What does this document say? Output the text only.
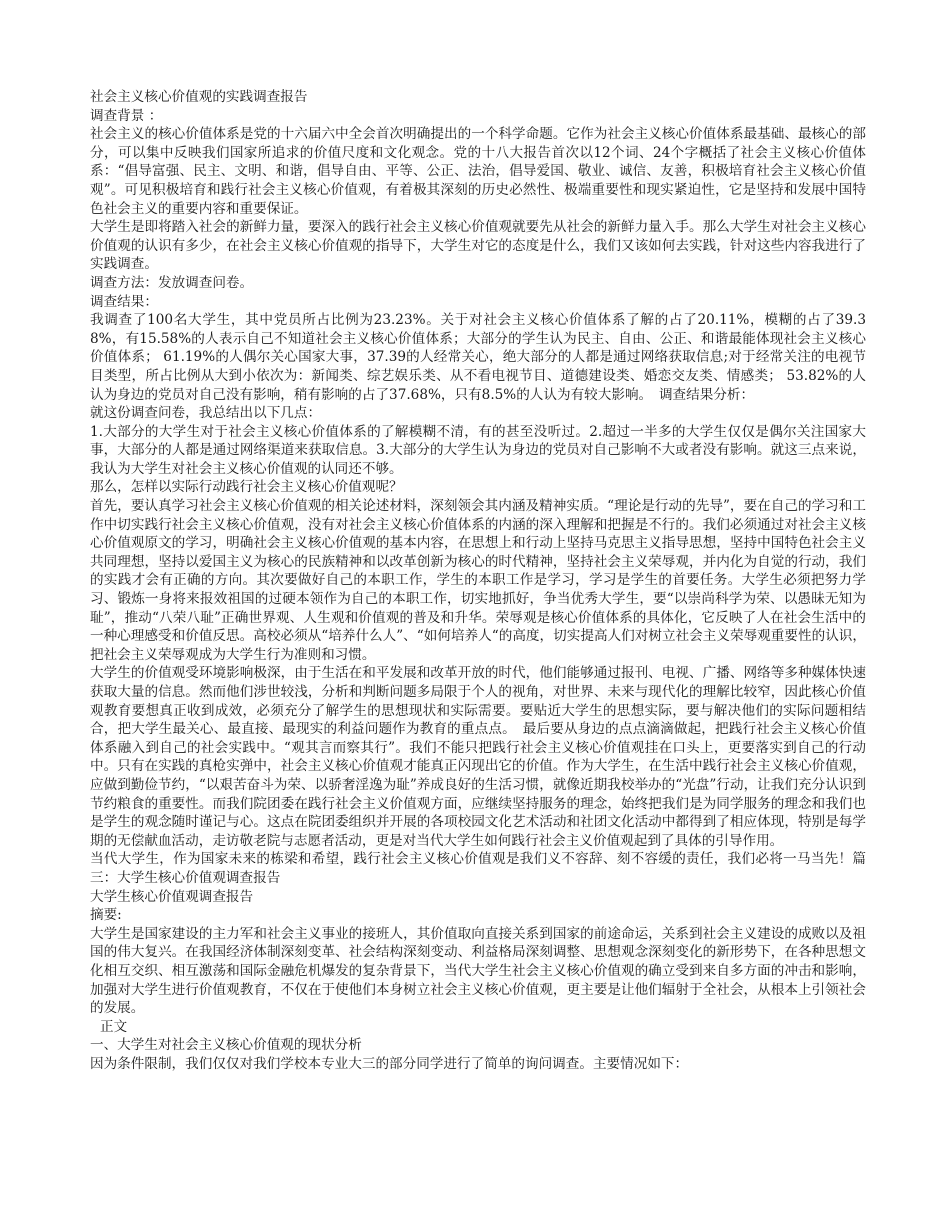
社会主义核心价值观的实践调查报告

调查背景 ：

社会主义的核心价值体系是党的十六届六中全会首次明确提出的一个科学命题。它作为社会主义核心价值体系最基础、最核心的部分，可以集中反映我们国家所追求的价值尺度和文化观念。党的十八大报告首次以12个词、24个字概括了社会主义核心价值体系：“倡导富强、民主、文明、和谐，倡导自由、平等、公正、法治，倡导爱国、敬业、诚信、友善，积极培育社会主义核心价值观”。可见积极培育和践行社会主义核心价值观，有着极其深刻的历史必然性、极端重要性和现实紧迫性，它是坚持和发展中国特色社会主义的重要内容和重要保证。

大学生是即将踏入社会的新鲜力量，要深入的践行社会主义核心价值观就要先从社会的新鲜力量入手。那么大学生对社会主义核心价值观的认识有多少，在社会主义核心价值观的指导下，大学生对它的态度是什么，我们又该如何去实践，针对这些内容我进行了实践调查。

调查方法：发放调查问卷。

调查结果：

我调查了100名大学生，其中党员所占比例为23.23%。关于对社会主义核心价值体系了解的占了20.11%，模糊的占了39.38%，有15.58%的人表示自己不知道社会主义核心价值体系；大部分的学生认为民主、自由、公正、和谐最能体现社会主义核心价值体系； 61.19%的人偶尔关心国家大事，37.39的人经常关心，绝大部分的人都是通过网络获取信息;对于经常关注的电视节目类型，所占比例从大到小依次为：新闻类、综艺娱乐类、从不看电视节目、道德建设类、婚恋交友类、情感类； 53.82%的人认为身边的党员对自己没有影响，稍有影响的占了37.68%，只有8.5%的人认为有较大影响。　调查结果分析：

就这份调查问卷，我总结出以下几点：

1.大部分的大学生对于社会主义核心价值体系的了解模糊不清，有的甚至没听过。2.超过一半多的大学生仅仅是偶尔关注国家大事，大部分的人都是通过网络渠道来获取信息。3.大部分的大学生认为身边的党员对自己影响不大或者没有影响。就这三点来说，我认为大学生对社会主义核心价值观的认同还不够。

那么，怎样以实际行动践行社会主义核心价值观呢？

首先，要认真学习社会主义核心价值观的相关论述材料，深刻领会其内涵及精神实质。“理论是行动的先导”，要在自己的学习和工作中切实践行社会主义核心价值观，没有对社会主义核心价值体系的内涵的深入理解和把握是不行的。我们必须通过对社会主义核心价值观原文的学习，明确社会主义核心价值观的基本内容，在思想上和行动上坚持马克思主义指导思想，坚持中国特色社会主义共同理想，坚持以爱国主义为核心的民族精神和以改革创新为核心的时代精神，坚持社会主义荣辱观，并内化为自觉的行动，我们的实践才会有正确的方向。其次要做好自己的本职工作，学生的本职工作是学习，学习是学生的首要任务。大学生必须把努力学习、锻炼一身将来报效祖国的过硬本领作为自己的本职工作，切实地抓好，争当优秀大学生，要“以崇尚科学为荣、以愚昧无知为耻”，推动“八荣八耻”正确世界观、人生观和价值观的普及和升华。荣辱观是核心价值体系的具体化，它反映了人在社会生活中的一种心理感受和价值反思。高校必须从“培养什么人”、“如何培养人“的高度，切实提高人们对树立社会主义荣辱观重要性的认识，把社会主义荣辱观成为大学生行为准则和习惯。

大学生的价值观受环境影响极深，由于生活在和平发展和改革开放的时代，他们能够通过报刊、电视、广播、网络等多种媒体快速获取大量的信息。然而他们涉世较浅，分析和判断问题多局限于个人的视角，对世界、未来与现代化的理解比较窄，因此核心价值观教育要想真正收到成效，必须充分了解学生的思想现状和实际需要。要贴近大学生的思想实际，要与解决他们的实际问题相结合，把大学生最关心、最直接、最现实的利益问题作为教育的重点点。　最后要从身边的点点滴滴做起，把践行社会主义核心价值体系融入到自己的社会实践中。“观其言而察其行”。我们不能只把践行社会主义核心价值观挂在口头上，更要落实到自己的行动中。只有在实践的真枪实弹中，社会主义核心价值观才能真正闪现出它的价值。作为大学生，在生活中践行社会主义核心价值观，应做到勤俭节约，“以艰苦奋斗为荣、以骄奢淫逸为耻”养成良好的生活习惯，就像近期我校举办的“光盘”行动，让我们充分认识到节约粮食的重要性。而我们院团委在践行社会主义价值观方面，应继续坚持服务的理念，始终把我们是为同学服务的理念和我们也是学生的观念随时谨记与心。这点在院团委组织并开展的各项校园文化艺术活动和社团文化活动中都得到了相应体现，特别是每学期的无偿献血活动，走访敬老院与志愿者活动，更是对当代大学生如何践行社会主义价值观起到了具体的引导作用。

当代大学生，作为国家未来的栋梁和希望，践行社会主义核心价值观是我们义不容辞、刻不容缓的责任，我们必将一马当先！篇三：大学生核心价值观调查报告

大学生核心价值观调查报告

摘要:

大学生是国家建设的主力军和社会主义事业的接班人，其价值取向直接关系到国家的前途命运，关系到社会主义建设的成败以及祖国的伟大复兴。在我国经济体制深刻变革、社会结构深刻变动、利益格局深刻调整、思想观念深刻变化的新形势下，在各种思想文化相互交织、相互激荡和国际金融危机爆发的复杂背景下，当代大学生社会主义核心价值观的确立受到来自多方面的冲击和影响，加强对大学生进行价值观教育，不仅在于使他们本身树立社会主义核心价值观，更主要是让他们辐射于全社会，从根本上引领社会的发展。

正文

一、大学生对社会主义核心价值观的现状分析

因为条件限制，我们仅仅对我们学校本专业大三的部分同学进行了简单的询问调查。主要情况如下：
